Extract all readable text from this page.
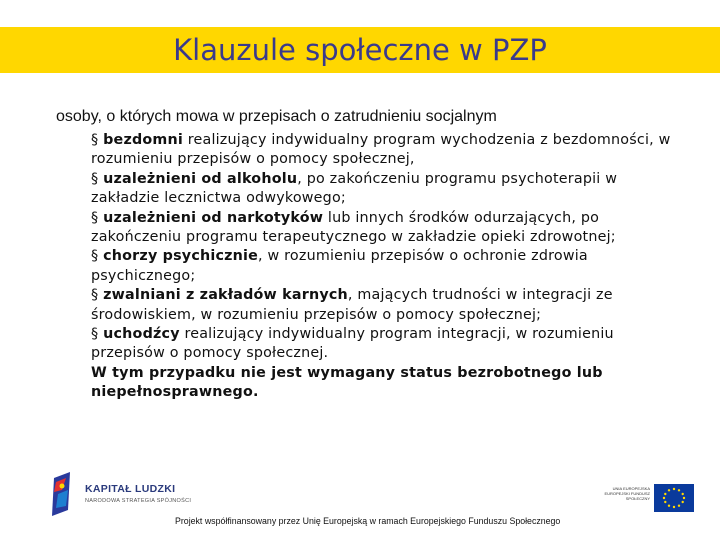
Klauzule społeczne w PZP
osoby, o których mowa w przepisach o zatrudnieniu socjalnym
§ bezdomni realizujący indywidualny program wychodzenia z bezdomności, w
rozumieniu przepisów o pomocy społecznej,
§ uzależnieni od alkoholu, po zakończeniu programu psychoterapii w
zakładzie lecznictwa odwykowego;
§ uzależnieni od narkotyków lub innych środków odurzających, po
zakończeniu programu terapeutycznego w zakładzie opieki zdrowotnej;
§ chorzy psychicznie, w rozumieniu przepisów o ochronie zdrowia
psychicznego;
§ zwalniani z zakładów karnych, mających trudności w integracji ze
środowiskiem, w rozumieniu przepisów o pomocy społecznej;
§ uchodźcy realizujący indywidualny program integracji, w rozumieniu
przepisów o pomocy społecznej.
W tym przypadku nie jest wymagany status bezrobotnego lub
niepełnosprawnego.
KAPITAŁ LUDZKI
NARODOWA STRATEGIA SPÓJNOŚCI
UNIA EUROPEJSKA EUROPEJSKI FUNDUSZ SPOŁECZNY
Projekt współfinansowany przez Unię Europejską w ramach Europejskiego Funduszu Społecznego
